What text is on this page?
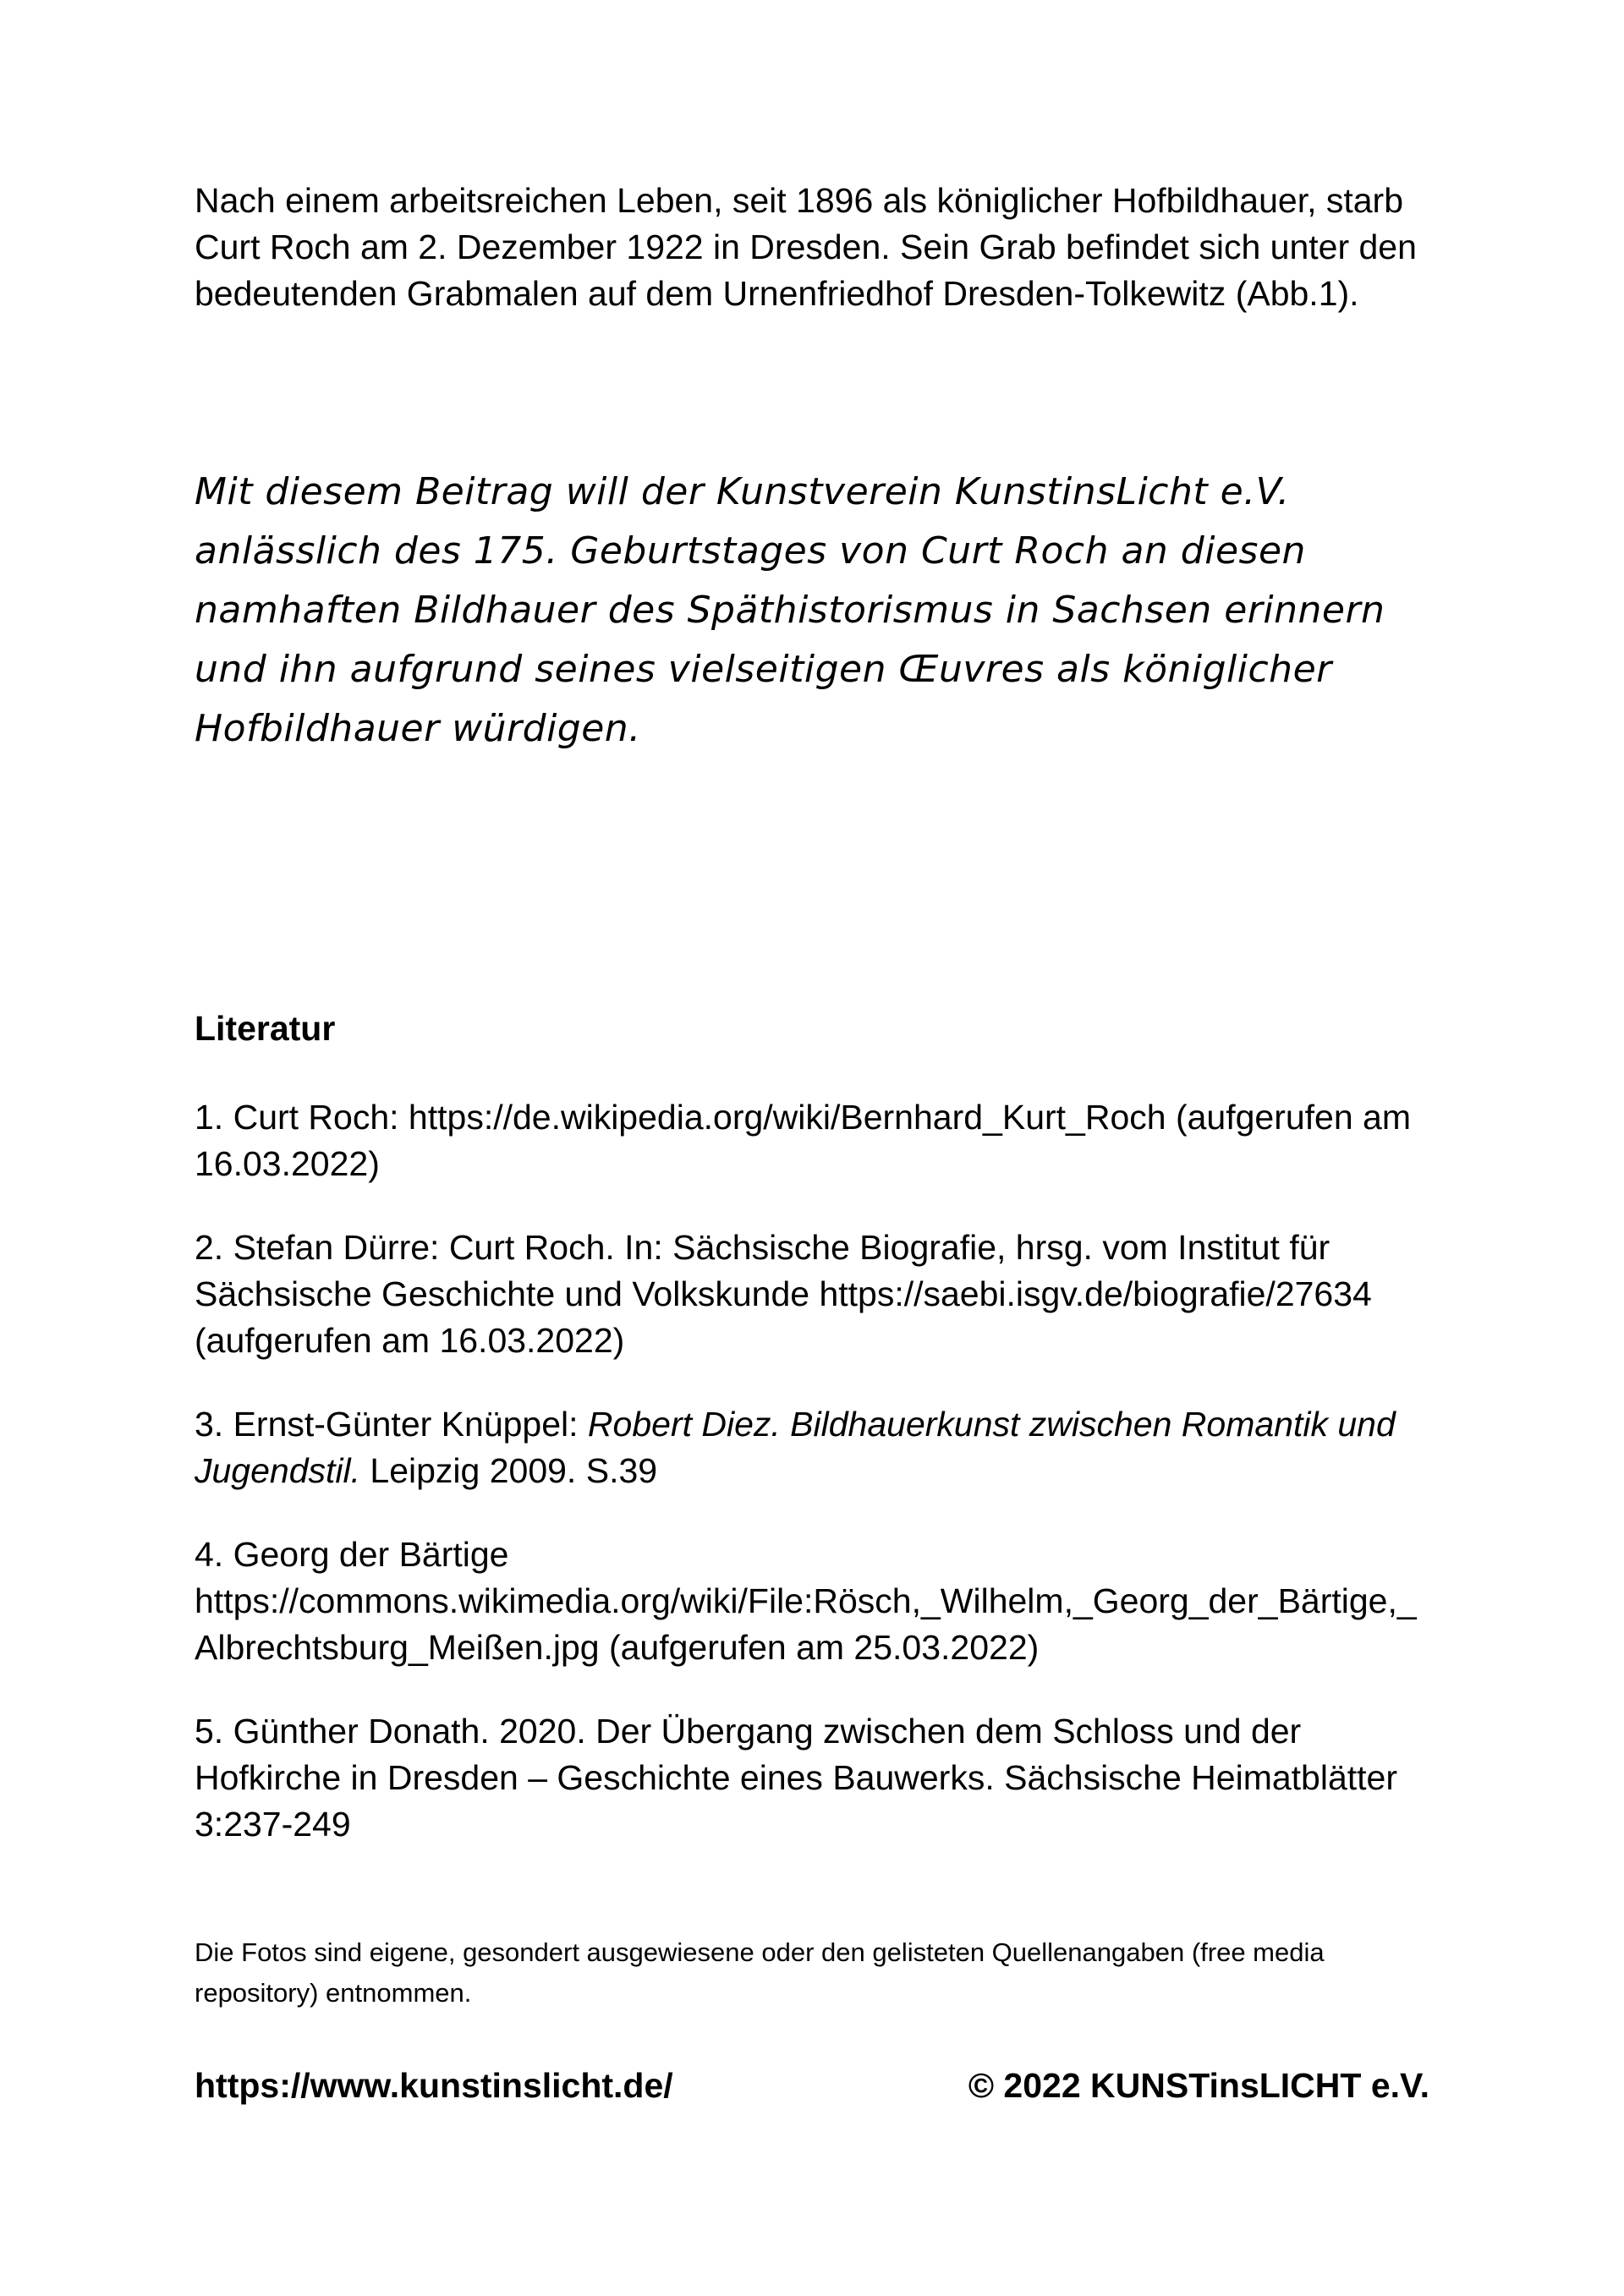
Nach einem arbeitsreichen Leben, seit 1896 als königlicher Hofbildhauer, starb Curt Roch am 2. Dezember 1922 in Dresden. Sein Grab befindet sich unter den bedeutenden Grabmalen auf dem Urnenfriedhof Dresden-Tolkewitz (Abb.1).

Mit diesem Beitrag will der Kunstverein KunstinsLicht e.V. anlässlich des 175. Geburtstages von Curt Roch an diesen namhaften Bildhauer des Späthistorismus in Sachsen erinnern und ihn aufgrund seines vielseitigen Œuvres als königlicher Hofbildhauer würdigen.

Literatur

1. Curt Roch: https://de.wikipedia.org/wiki/Bernhard_Kurt_Roch (aufgerufen am 16.03.2022)

2. Stefan Dürre: Curt Roch. In: Sächsische Biografie, hrsg. vom Institut für Sächsische Geschichte und Volkskunde https://saebi.isgv.de/biografie/27634 (aufgerufen am 16.03.2022)

3. Ernst-Günter Knüppel: Robert Diez. Bildhauerkunst zwischen Romantik und Jugendstil. Leipzig 2009. S.39

4. Georg der Bärtige https://commons.wikimedia.org/wiki/File:Rösch,_Wilhelm,_Georg_der_Bärtige,_Albrechtsburg_Meißen.jpg (aufgerufen am 25.03.2022)

5. Günther Donath. 2020. Der Übergang zwischen dem Schloss und der Hofkirche in Dresden – Geschichte eines Bauwerks. Sächsische Heimatblätter 3:237-249

Die Fotos sind eigene, gesondert ausgewiesene oder den gelisteten Quellenangaben (free media repository) entnommen.

https://www.kunstinslicht.de/	© 2022 KUNSTinsLICHT e.V.
